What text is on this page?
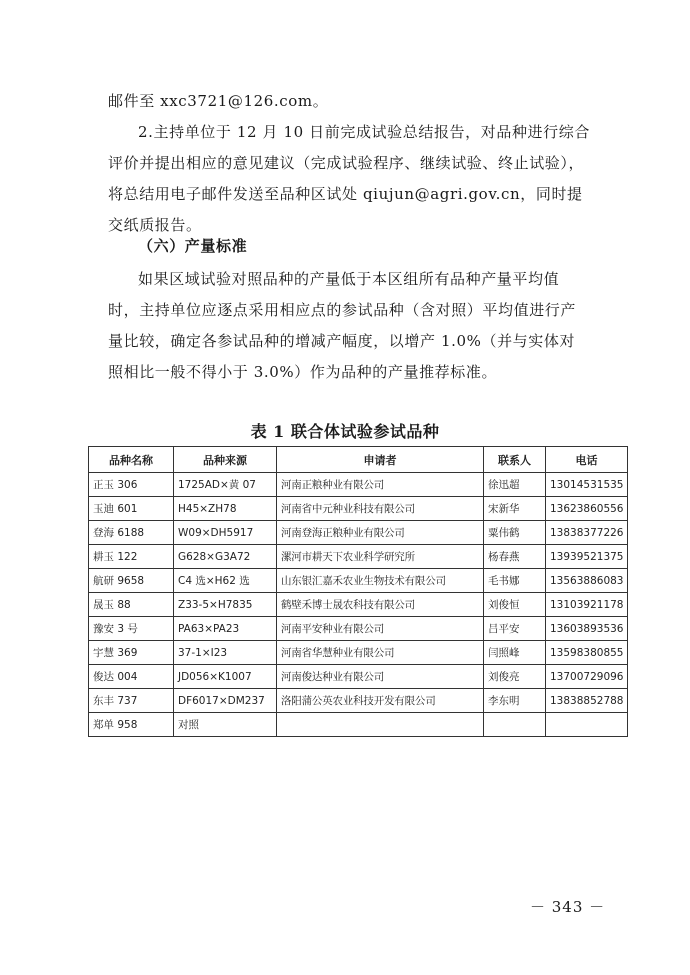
邮件至 xxc3721@126.com。
2.主持单位于 12 月 10 日前完成试验总结报告，对品种进行综合
评价并提出相应的意见建议（完成试验程序、继续试验、终止试验），
将总结用电子邮件发送至品种区试处 qiujun@agri.gov.cn，同时提
交纸质报告。

（六）产量标准

如果区域试验对照品种的产量低于本区组所有品种产量平均值
时，主持单位应逐点采用相应点的参试品种（含对照）平均值进行产
量比较，确定各参试品种的增减产幅度，以增产 1.0%（并与实体对
照相比一般不得小于 3.0%）作为品种的产量推荐标准。

表 1 联合体试验参试品种

品种名称	品种来源	申请者	联系人	电话
正玉 306	1725AD×黄 07	河南正粮种业有限公司	徐迅超	13014531535
玉迪 601	H45×ZH78	河南省中元种业科技有限公司	宋新华	13623860556
登海 6188	W09×DH5917	河南登海正粮种业有限公司	粟伟鹤	13838377226
耕玉 122	G628×G3A72	漯河市耕天下农业科学研究所	杨春燕	13939521375
航研 9658	C4 选×H62 选	山东银汇嘉禾农业生物技术有限公司	毛书娜	13563886083
晟玉 88	Z33-5×H7835	鹤壁禾博士晟农科技有限公司	刘俊恒	13103921178
豫安 3 号	PA63×PA23	河南平安种业有限公司	吕平安	13603893536
宇慧 369	37-1×I23	河南省华慧种业有限公司	闫照峰	13598380855
俊达 004	JD056×K1007	河南俊达种业有限公司	刘俊亮	13700729096
东丰 737	DF6017×DM237	洛阳蒲公英农业科技开发有限公司	李东明	13838852788
郑单 958	对照			

－ 343 －
